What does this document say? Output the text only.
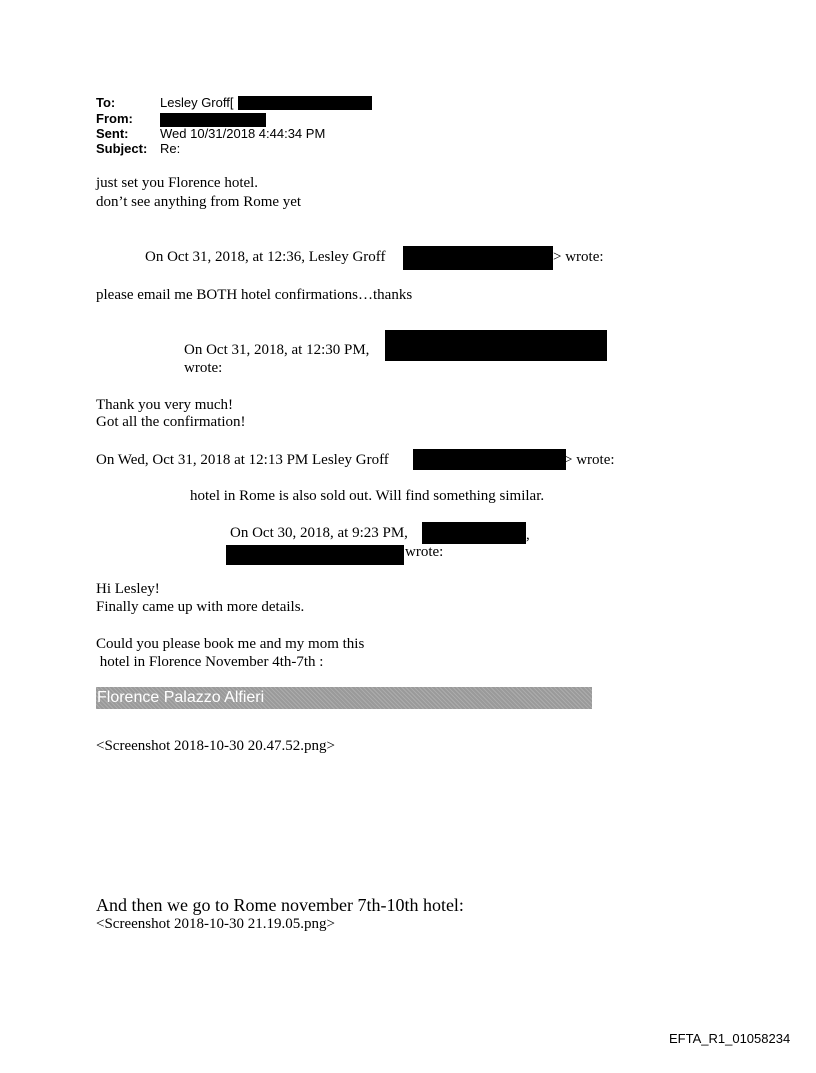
To:	Lesley Groff[
From:
Sent: Wed 10/31/2018 4:44:34 PM
Subject: Re:
just set you Florence hotel.
don’t see anything from Rome yet
On Oct 31, 2018, at 12:36, Lesley Groff	> wrote:
please email me BOTH hotel confirmations…thanks
On Oct 31, 2018, at 12:30 PM,
wrote:
Thank you very much!
Got all the confirmation!
On Wed, Oct 31, 2018 at 12:13 PM Lesley Groff	> wrote:
hotel in Rome is also sold out. Will find something similar.
On Oct 30, 2018, at 9:23 PM,	,
wrote:
Hi Lesley!
Finally came up with more details.
Could you please book me and my mom this
hotel in Florence November 4th-7th :
Florence Palazzo Alfieri
<Screenshot 2018-10-30 20.47.52.png>
And then we go to Rome november 7th-10th hotel:
<Screenshot 2018-10-30 21.19.05.png>
EFTA_R1_01058234
